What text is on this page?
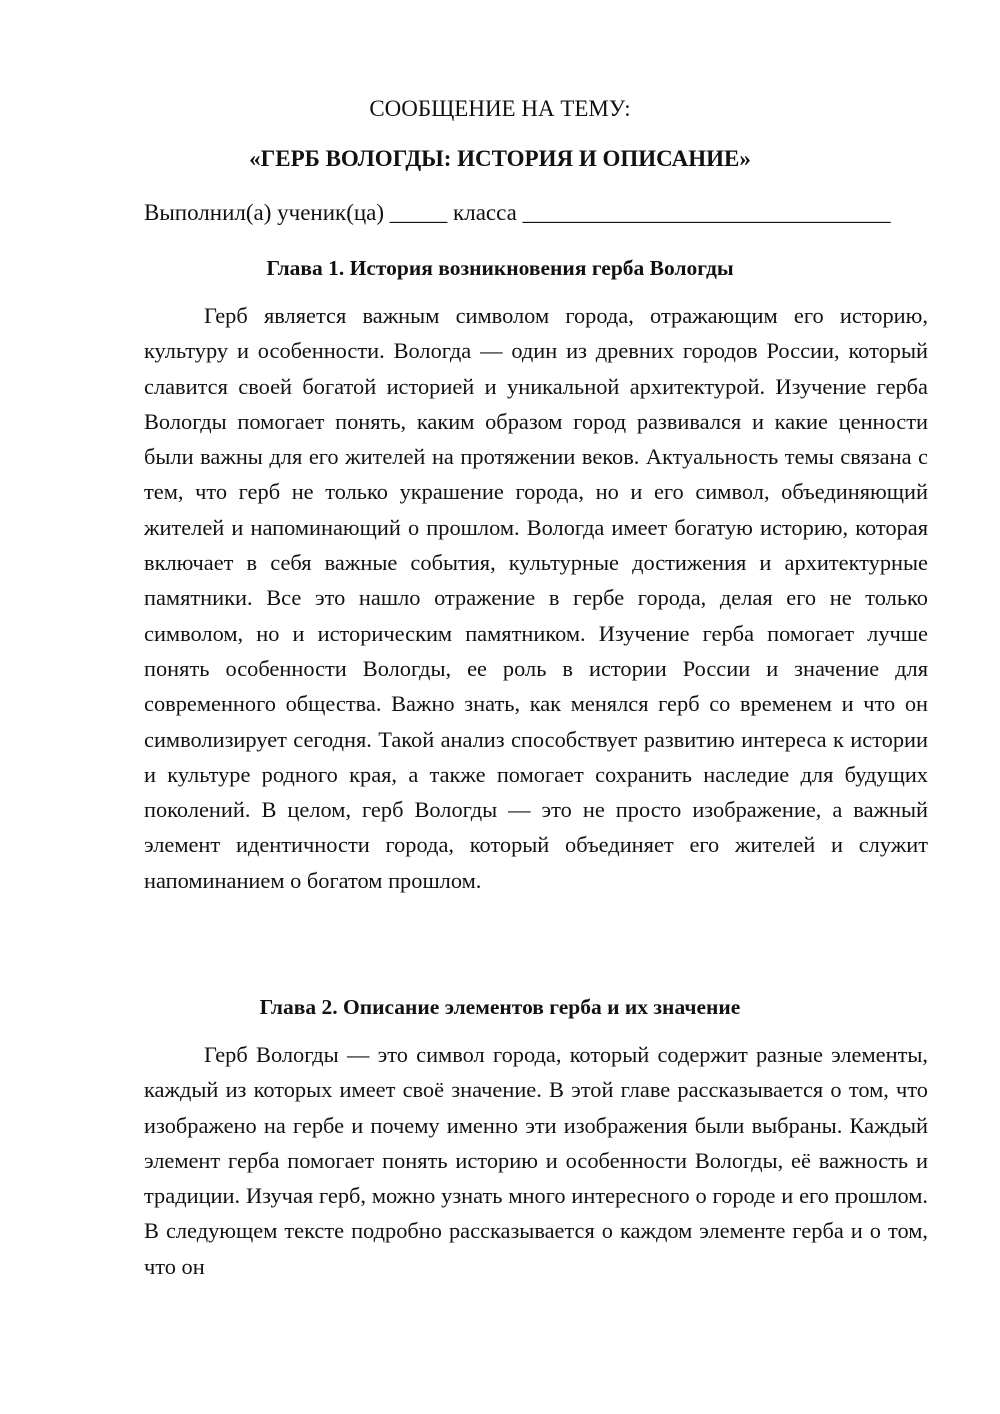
СООБЩЕНИЕ НА ТЕМУ:
«ГЕРБ ВОЛОГДЫ: ИСТОРИЯ И ОПИСАНИЕ»
Выполнил(а) ученик(ца) _____ класса ________________________________
Глава 1. История возникновения герба Вологды

Герб является важным символом города, отражающим его историю, культуру и особенности. Вологда — один из древних городов России, который славится своей богатой историей и уникальной архитектурой. Изучение герба Вологды помогает понять, каким образом город развивался и какие ценности были важны для его жителей на протяжении веков. Актуальность темы связана с тем, что герб не только украшение города, но и его символ, объединяющий жителей и напоминающий о прошлом. Вологда имеет богатую историю, которая включает в себя важные события, культурные достижения и архитектурные памятники. Все это нашло отражение в гербе города, делая его не только символом, но и историческим памятником. Изучение герба помогает лучше понять особенности Вологды, ее роль в истории России и значение для современного общества. Важно знать, как менялся герб со временем и что он символизирует сегодня. Такой анализ способствует развитию интереса к истории и культуре родного края, а также помогает сохранить наследие для будущих поколений. В целом, герб Вологды — это не просто изображение, а важный элемент идентичности города, который объединяет его жителей и служит напоминанием о богатом прошлом.

Глава 2. Описание элементов герба и их значение

Герб Вологды — это символ города, который содержит разные элементы, каждый из которых имеет своё значение. В этой главе рассказывается о том, что изображено на гербе и почему именно эти изображения были выбраны. Каждый элемент герба помогает понять историю и особенности Вологды, её важность и традиции. Изучая герб, можно узнать много интересного о городе и его прошлом. В следующем тексте подробно рассказывается о каждом элементе герба и о том, что он
